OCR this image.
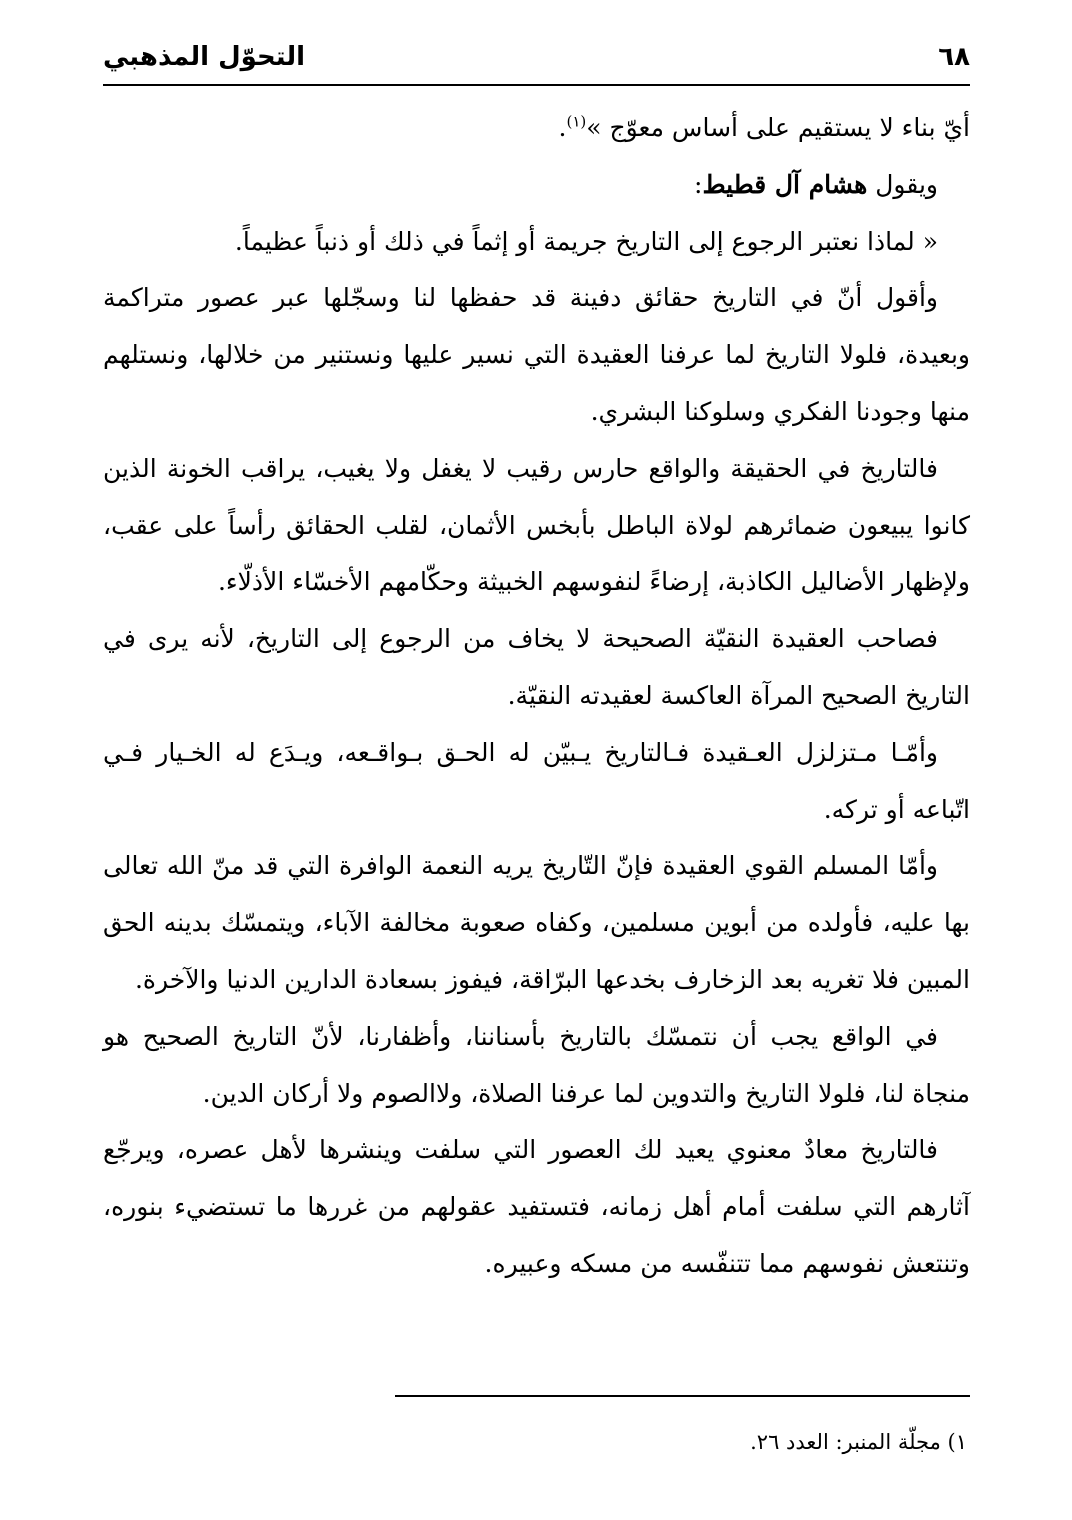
٦٨
التحوّل المذهبي

أيّ بناء لا يستقيم على أساس معوّج »$^{(١)}$.

ويقول هشام آل قطيط:

« لماذا نعتبر الرجوع إلى التاريخ جريمة أو إثماً في ذلك أو ذنباً عظيماً.

وأقول أنّ في التاريخ حقائق دفينة قد حفظها لنا وسجّلها عبر عصور متراكمة وبعيدة، فلولا التاريخ لما عرفنا العقيدة التي نسير عليها ونستنير من خلالها، ونستلهم منها وجودنا الفكري وسلوكنا البشري.

فالتاريخ في الحقيقة والواقع حارس رقيب لا يغفل ولا يغيب، يراقب الخونة الذين كانوا يبيعون ضمائرهم لولاة الباطل بأبخس الأثمان، لقلب الحقائق رأساً على عقب، ولإظهار الأضاليل الكاذبة، إرضاءً لنفوسهم الخبيثة وحكّامهم الأخسّاء الأذلّاء.

فصاحب العقيدة النقيّة الصحيحة لا يخاف من الرجوع إلى التاريخ، لأنه يرى في التاريخ الصحيح المرآة العاكسة لعقيدته النقيّة.

وأمّـا مـتزلزل العـقيدة فـالتاريخ يـبيّن له الحـق بـواقـعه، ويـدَع له الخـيار فـي اتّباعه أو تركه.

وأمّا المسلم القوي العقيدة فإنّ التّاريخ يريه النعمة الوافرة التي قد منّ الله تعالى بها عليه، فأولده من أبوين مسلمين، وكفاه صعوبة مخالفة الآباء، ويتمسّك بدينه الحق المبين فلا تغريه بعد الزخارف بخدعها البرّاقة، فيفوز بسعادة الدارين الدنيا والآخرة.

في الواقع يجب أن نتمسّك بالتاريخ بأسناننا، وأظفارنا، لأنّ التاريخ الصحيح هو منجاة لنا، فلولا التاريخ والتدوين لما عرفنا الصلاة، ولاالصوم ولا أركان الدين.

فالتاريخ معادٌ معنوي يعيد لك العصور التي سلفت وينشرها لأهل عصره، ويرجّع آثارهم التي سلفت أمام أهل زمانه، فتستفيد عقولهم من غررها ما تستضيء بنوره، وتنتعش نفوسهم مما تتنفّسه من مسكه وعبيره.

١) مجلّة المنبر: العدد ٢٦.
